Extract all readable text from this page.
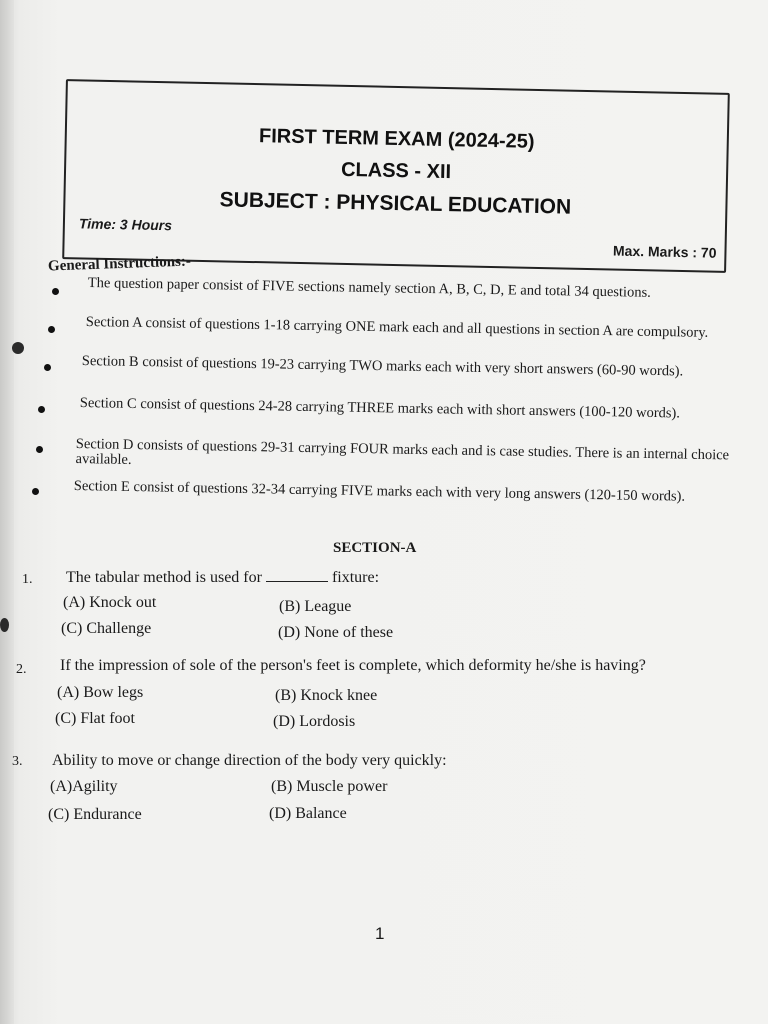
FIRST TERM EXAM (2024-25)
CLASS - XII
SUBJECT : PHYSICAL EDUCATION
Time: 3 Hours
Max. Marks : 70
General Instructions:-
The question paper consist of FIVE sections namely section A, B, C, D, E and total 34 questions.
Section A consist of questions 1-18 carrying ONE mark each and all questions in section A are compulsory.
Section B consist of questions 19-23 carrying TWO marks each with very short answers (60-90 words).
Section C consist of questions 24-28 carrying THREE marks each with short answers (100-120 words).
Section D consists of questions 29-31 carrying FOUR marks each and is case studies. There is an internal choice available.
Section E consist of questions 32-34 carrying FIVE marks each with very long answers (120-150 words).
SECTION-A
1. The tabular method is used for	fixture:
(A) Knock out	(B) League
(C) Challenge	(D) None of these
2. If the impression of sole of the person's feet is complete, which deformity he/she is having?
(A) Bow legs	(B) Knock knee
(C) Flat foot	(D) Lordosis
3. Ability to move or change direction of the body very quickly:
(A)Agility	(B) Muscle power
(C) Endurance	(D) Balance
1
